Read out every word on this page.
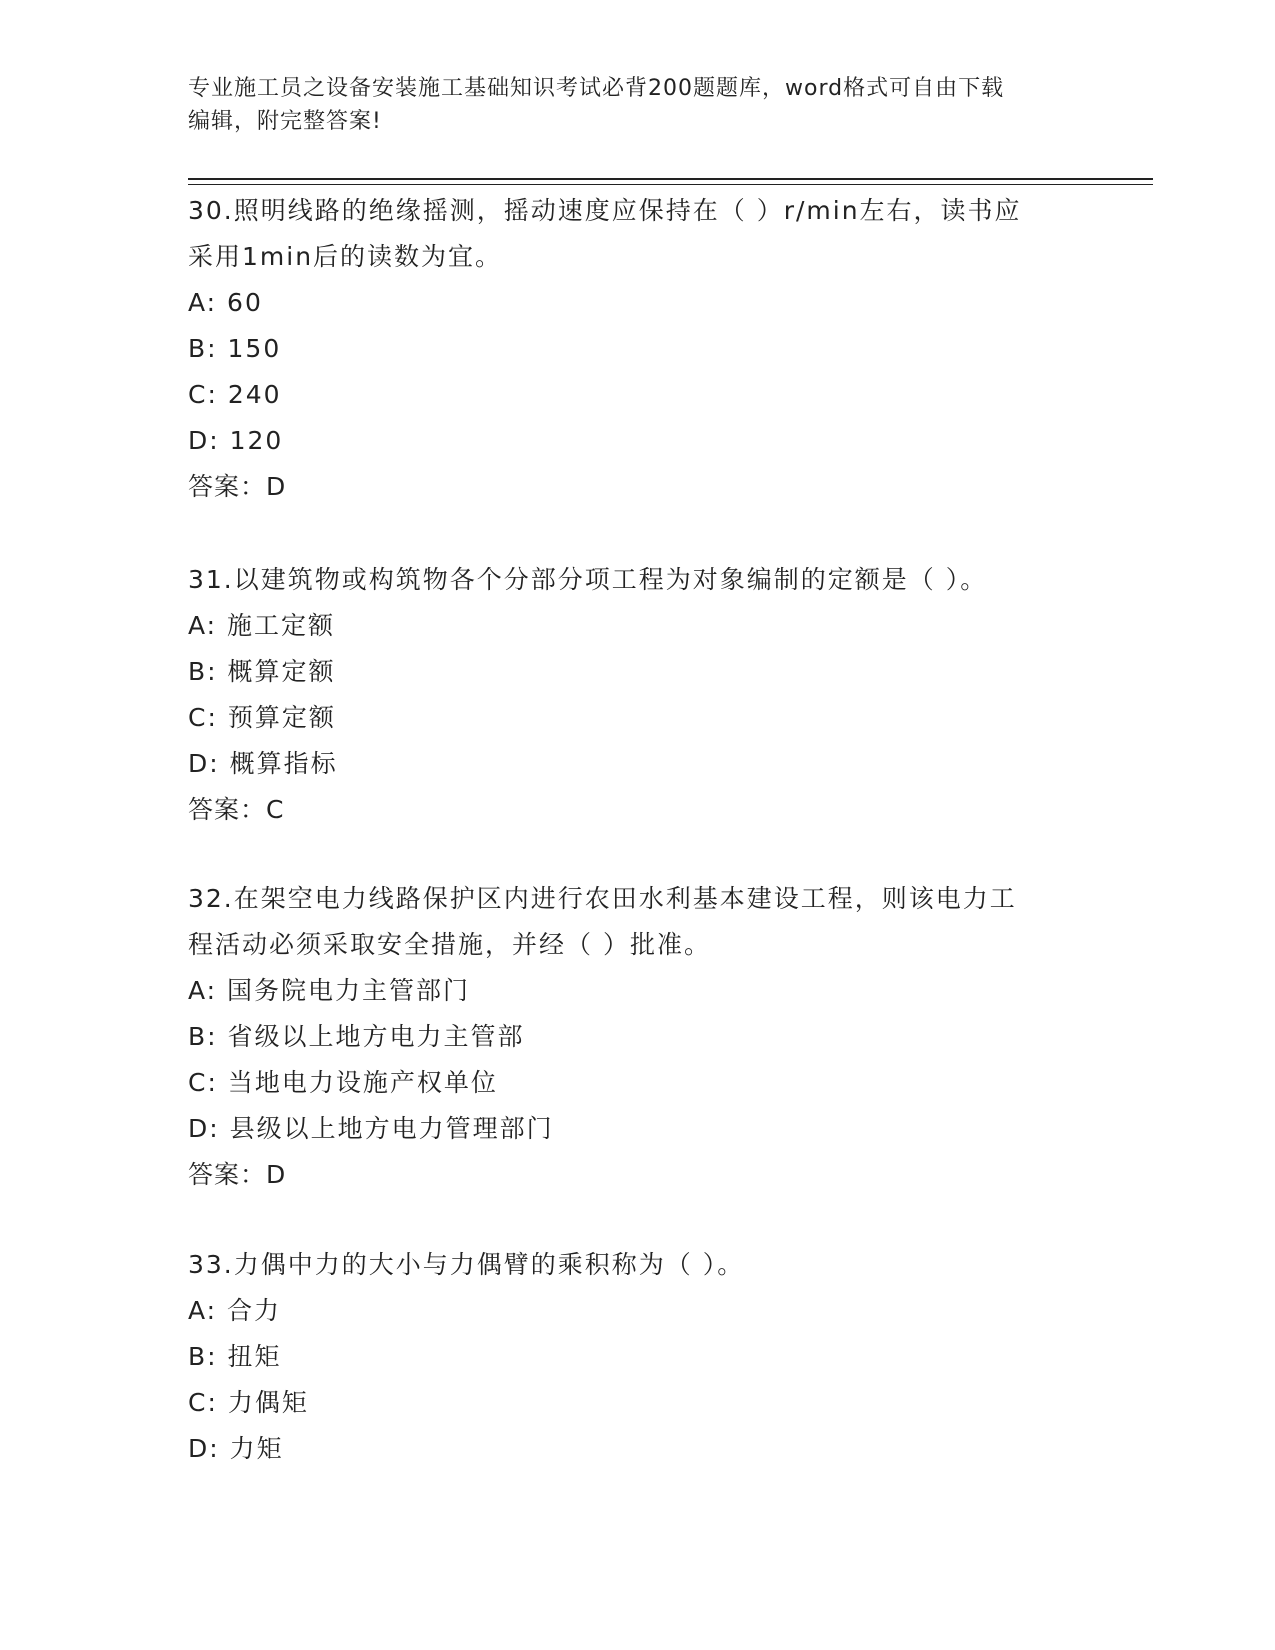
专业施工员之设备安装施工基础知识考试必背200题题库，word格式可自由下载
编辑，附完整答案!

30.照明线路的绝缘摇测，摇动速度应保持在（ ）r/min左右，读书应

采用1min后的读数为宜。

A: 60

B: 150

C: 240

D: 120

答案：D

31.以建筑物或构筑物各个分部分项工程为对象编制的定额是（ ）。

A: 施工定额

B: 概算定额

C: 预算定额

D: 概算指标

答案：C

32.在架空电力线路保护区内进行农田水利基本建设工程，则该电力工

程活动必须采取安全措施，并经（ ）批准。

A: 国务院电力主管部门

B: 省级以上地方电力主管部

C: 当地电力设施产权单位

D: 县级以上地方电力管理部门

答案：D

33.力偶中力的大小与力偶臂的乘积称为（ ）。

A: 合力

B: 扭矩

C: 力偶矩

D: 力矩
